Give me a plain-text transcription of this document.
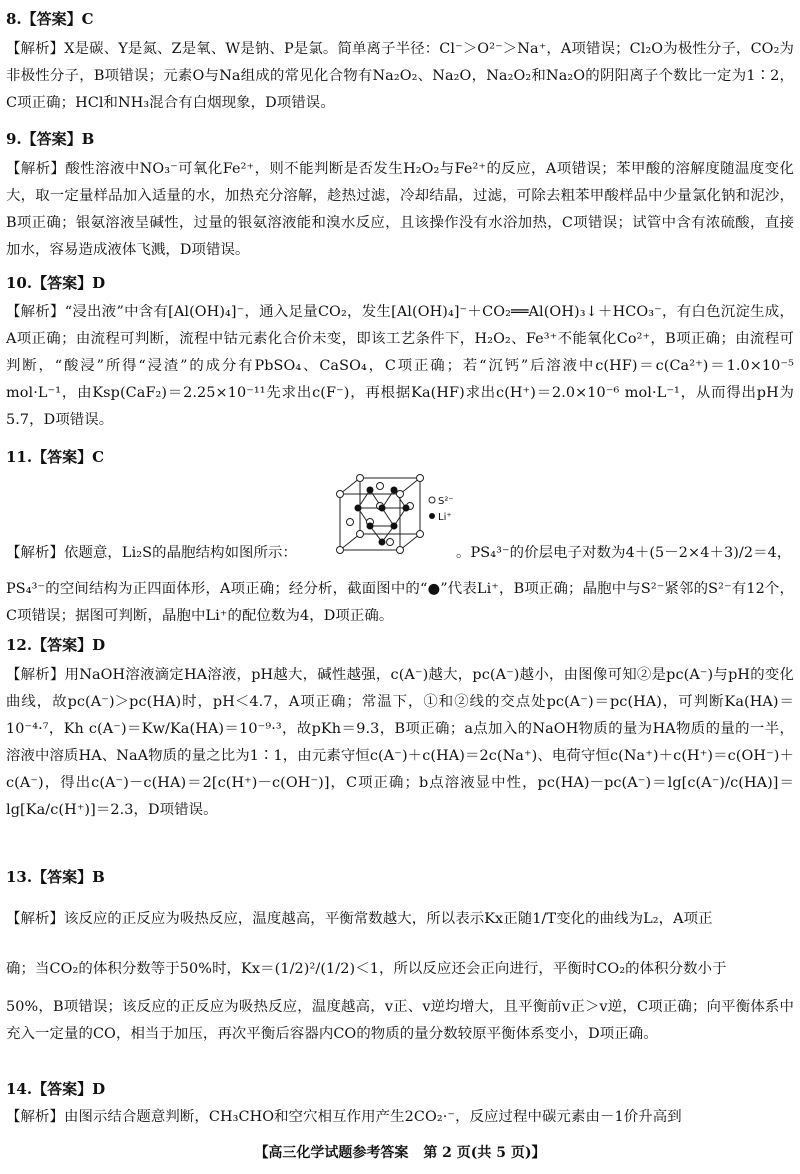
8.【答案】C
【解析】X是碳、Y是氮、Z是氧、W是钠、P是氯。简单离子半径：Cl⁻＞O²⁻＞Na⁺，A项错误；Cl₂O为极性分子，CO₂为非极性分子，B项错误；元素O与Na组成的常见化合物有Na₂O₂、Na₂O，Na₂O₂和Na₂O的阴阳离子个数比一定为1∶2，C项正确；HCl和NH₃混合有白烟现象，D项错误。
9.【答案】B
【解析】酸性溶液中NO₃⁻可氧化Fe²⁺，则不能判断是否发生H₂O₂与Fe²⁺的反应，A项错误；苯甲酸的溶解度随温度变化大，取一定量样品加入适量的水，加热充分溶解，趁热过滤，冷却结晶，过滤，可除去粗苯甲酸样品中少量氯化钠和泥沙，B项正确；银氨溶液呈碱性，过量的银氨溶液能和溴水反应，且该操作没有水浴加热，C项错误；试管中含有浓硫酸，直接加水，容易造成液体飞溅，D项错误。
10.【答案】D
【解析】“浸出液”中含有[Al(OH)₄]⁻，通入足量CO₂，发生[Al(OH)₄]⁻＋CO₂══Al(OH)₃↓＋HCO₃⁻，有白色沉淀生成，A项正确；由流程可判断，流程中钴元素化合价未变，即该工艺条件下，H₂O₂、Fe³⁺不能氧化Co²⁺，B项正确；由流程可判断，“酸浸”所得“浸渣”的成分有PbSO₄、CaSO₄，C项正确；若“沉钙”后溶液中c(HF)＝c(Ca²⁺)＝1.0×10⁻⁵ mol·L⁻¹，由Ksp(CaF₂)＝2.25×10⁻¹¹先求出c(F⁻)，再根据Ka(HF)求出c(H⁺)＝2.0×10⁻⁶ mol·L⁻¹，从而得出pH为5.7，D项错误。
11.【答案】C
S²⁻
Li⁺
【解析】依题意，Li₂S的晶胞结构如图所示：	。PS₄³⁻的价层电子对数为4＋(5－2×4＋3)/2＝4，
PS₄³⁻的空间结构为正四面体形，A项正确；经分析，截面图中的“●”代表Li⁺，B项正确；晶胞中与S²⁻紧邻的S²⁻有12个，C项错误；据图可判断，晶胞中Li⁺的配位数为4，D项正确。
12.【答案】D
【解析】用NaOH溶液滴定HA溶液，pH越大，碱性越强，c(A⁻)越大，pc(A⁻)越小，由图像可知②是pc(A⁻)与pH的变化曲线，故pc(A⁻)＞pc(HA)时，pH＜4.7，A项正确；常温下，①和②线的交点处pc(A⁻)＝pc(HA)，可判断Ka(HA)＝10⁻⁴·⁷，Kh c(A⁻)＝Kw/Ka(HA)＝10⁻⁹·³，故pKh＝9.3，B项正确；a点加入的NaOH物质的量为HA物质的量的一半，溶液中溶质HA、NaA物质的量之比为1∶1，由元素守恒c(A⁻)＋c(HA)＝2c(Na⁺)、电荷守恒c(Na⁺)＋c(H⁺)＝c(OH⁻)＋c(A⁻)，得出c(A⁻)－c(HA)＝2[c(H⁺)－c(OH⁻)]，C项正确；b点溶液显中性，pc(HA)－pc(A⁻)＝lg[c(A⁻)/c(HA)]＝lg[Ka/c(H⁺)]＝2.3，D项错误。
13.【答案】B
【解析】该反应的正反应为吸热反应，温度越高，平衡常数越大，所以表示Kx正随1/T变化的曲线为L₂，A项正
确；当CO₂的体积分数等于50%时，Kx＝(1/2)²/(1/2)＜1，所以反应还会正向进行，平衡时CO₂的体积分数小于
50%，B项错误；该反应的正反应为吸热反应，温度越高，v正、v逆均增大，且平衡前v正＞v逆，C项正确；向平衡体系中充入一定量的CO，相当于加压，再次平衡后容器内CO的物质的量分数较原平衡体系变小，D项正确。
14.【答案】D
【解析】由图示结合题意判断，CH₃CHO和空穴相互作用产生2CO₂·⁻，反应过程中碳元素由－1价升高到
【高三化学试题参考答案 第 2 页(共 5 页)】
